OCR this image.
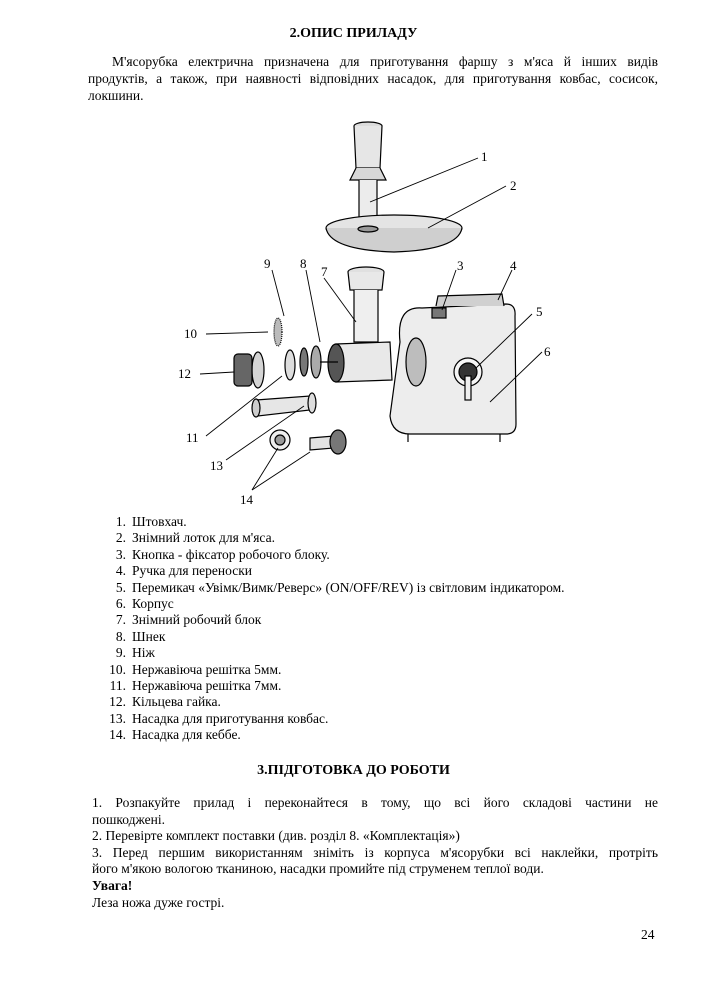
2.ОПИС ПРИЛАДУ
М'ясорубка електрична призначена для приготування фаршу з м'яса й інших видів
продуктів, а також, при наявності відповідних насадок, для приготування ковбас, сосисок,
локшини.
1
2
3	4
5
6
7
8
9
10
12
11
13
14
1. Штовхач.
2. Знімний лоток для м'яса.
3. Кнопка - фіксатор робочого блоку.
4. Ручка для переноски
5. Перемикач «Увімк/Вимк/Реверс» (ON/OFF/REV) із світловим індикатором.
6. Корпус
7. Знімний робочий блок
8. Шнек
9. Ніж
10. Нержавіюча решітка 5мм.
11. Нержавіюча решітка 7мм.
12. Кільцева гайка.
13. Насадка для приготування ковбас.
14. Насадка для кеббе.
3.ПІДГОТОВКА ДО РОБОТИ
1. Розпакуйте прилад і переконайтеся в тому, що всі його складові частини не
пошкоджені.
2. Перевірте комплект поставки (див. розділ 8. «Комплектація»)
3. Перед першим використанням зніміть із корпуса м'ясорубки всі наклейки, протріть
його м'якою вологою тканиною, насадки промийте під струменем теплої води.
Увага!
Леза ножа дуже гострі.
24
